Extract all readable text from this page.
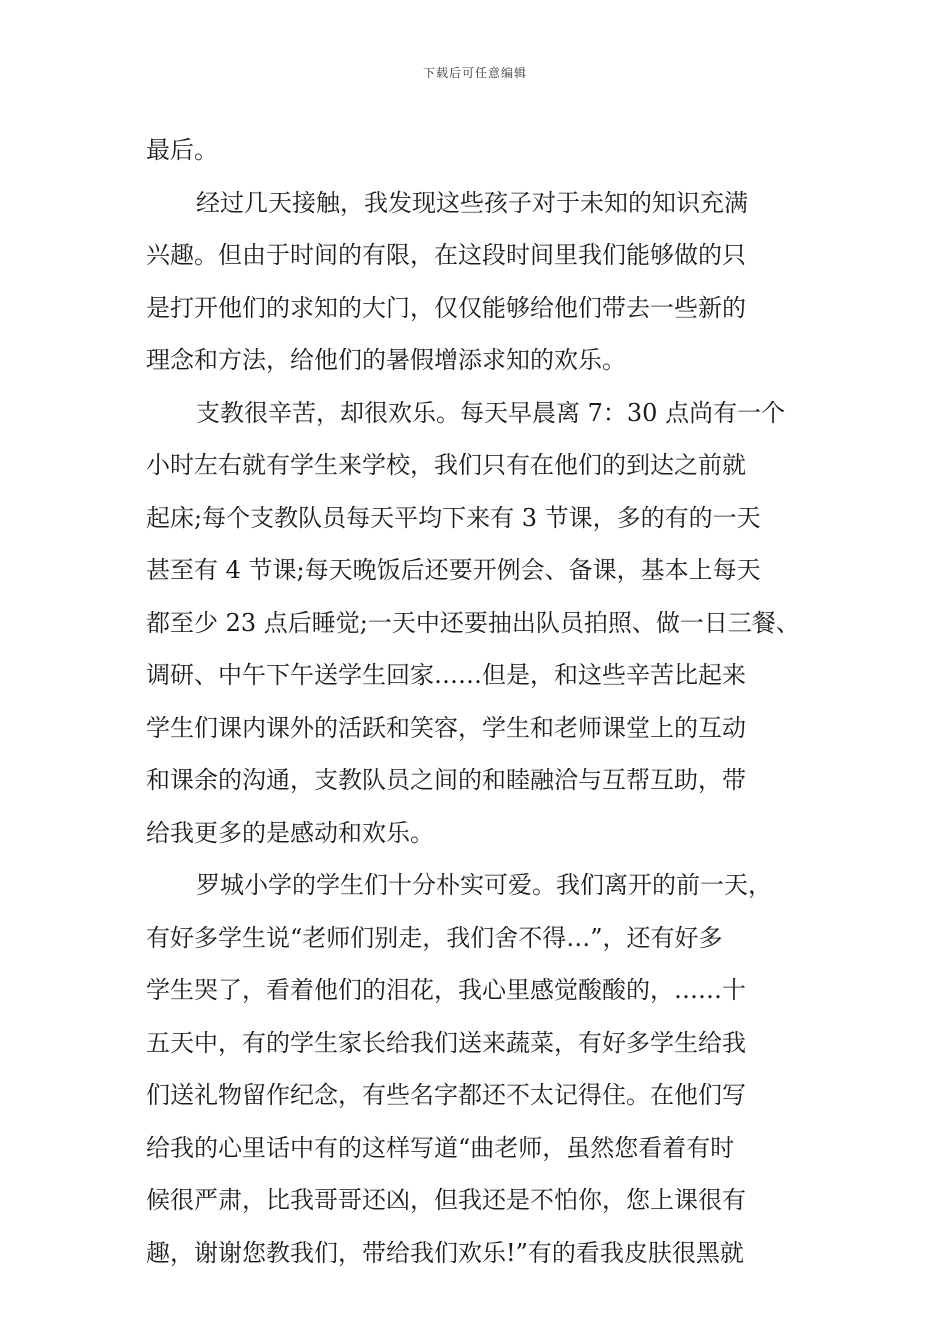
下载后可任意编辑
最后。
经过几天接触，我发现这些孩子对于未知的知识充满
兴趣。但由于时间的有限，在这段时间里我们能够做的只
是打开他们的求知的大门，仅仅能够给他们带去一些新的
理念和方法，给他们的暑假增添求知的欢乐。
支教很辛苦，却很欢乐。每天早晨离 7：30 点尚有一个
小时左右就有学生来学校，我们只有在他们的到达之前就
起床;每个支教队员每天平均下来有 3 节课，多的有的一天
甚至有 4 节课;每天晚饭后还要开例会、备课，基本上每天
都至少 23 点后睡觉;一天中还要抽出队员拍照、做一日三餐、
调研、中午下午送学生回家……但是，和这些辛苦比起来
学生们课内课外的活跃和笑容，学生和老师课堂上的互动
和课余的沟通，支教队员之间的和睦融洽与互帮互助，带
给我更多的是感动和欢乐。
罗城小学的学生们十分朴实可爱。我们离开的前一天，
有好多学生说“老师们别走，我们舍不得…”，还有好多
学生哭了，看着他们的泪花，我心里感觉酸酸的，……十
五天中，有的学生家长给我们送来蔬菜，有好多学生给我
们送礼物留作纪念，有些名字都还不太记得住。在他们写
给我的心里话中有的这样写道“曲老师，虽然您看着有时
候很严肃，比我哥哥还凶，但我还是不怕你，您上课很有
趣，谢谢您教我们，带给我们欢乐!”有的看我皮肤很黑就
